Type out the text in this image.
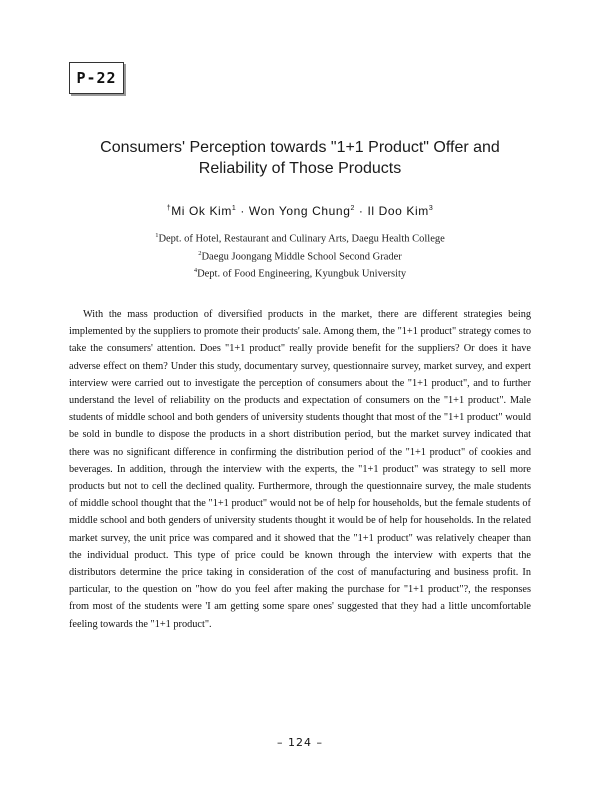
P-22
Consumers' Perception towards "1+1 Product" Offer and
Reliability of Those Products
†Mi Ok Kim$^1$ · Won Yong Chung$^2$ · Il Doo Kim$^3$
$^1$Dept. of Hotel, Restaurant and Culinary Arts, Daegu Health College
$^2$Daegu Joongang Middle School Second Grader
$^4$Dept. of Food Engineering, Kyungbuk University

With the mass production of diversified products in the market, there are different strategies being implemented by the suppliers to promote their products' sale. Among them, the "1+1 product" strategy comes to take the consumers' attention. Does "1+1 product" really provide benefit for the suppliers? Or does it have adverse effect on them? Under this study, documentary survey, questionnaire survey, market survey, and expert interview were carried out to investigate the perception of consumers about the "1+1 product", and to further understand the level of reliability on the products and expectation of consumers on the "1+1 product". Male students of middle school and both genders of university students thought that most of the "1+1 product" would be sold in bundle to dispose the products in a short distribution period, but the market survey indicated that there was no significant difference in confirming the distribution period of the "1+1 product" of cookies and beverages. In addition, through the interview with the experts, the "1+1 product" was strategy to sell more products but not to cell the declined quality. Furthermore, through the questionnaire survey, the male students of middle school thought that the "1+1 product" would not be of help for households, but the female students of middle school and both genders of university students thought it would be of help for households. In the related market survey, the unit price was compared and it showed that the "1+1 product" was relatively cheaper than the individual product. This type of price could be known through the interview with experts that the distributors determine the price taking in consideration of the cost of manufacturing and business profit. In particular, to the question on "how do you feel after making the purchase for "1+1 product"?, the responses from most of the students were 'I am getting some spare ones' suggested that they had a little uncomfortable feeling towards the "1+1 product".

– 124 –
